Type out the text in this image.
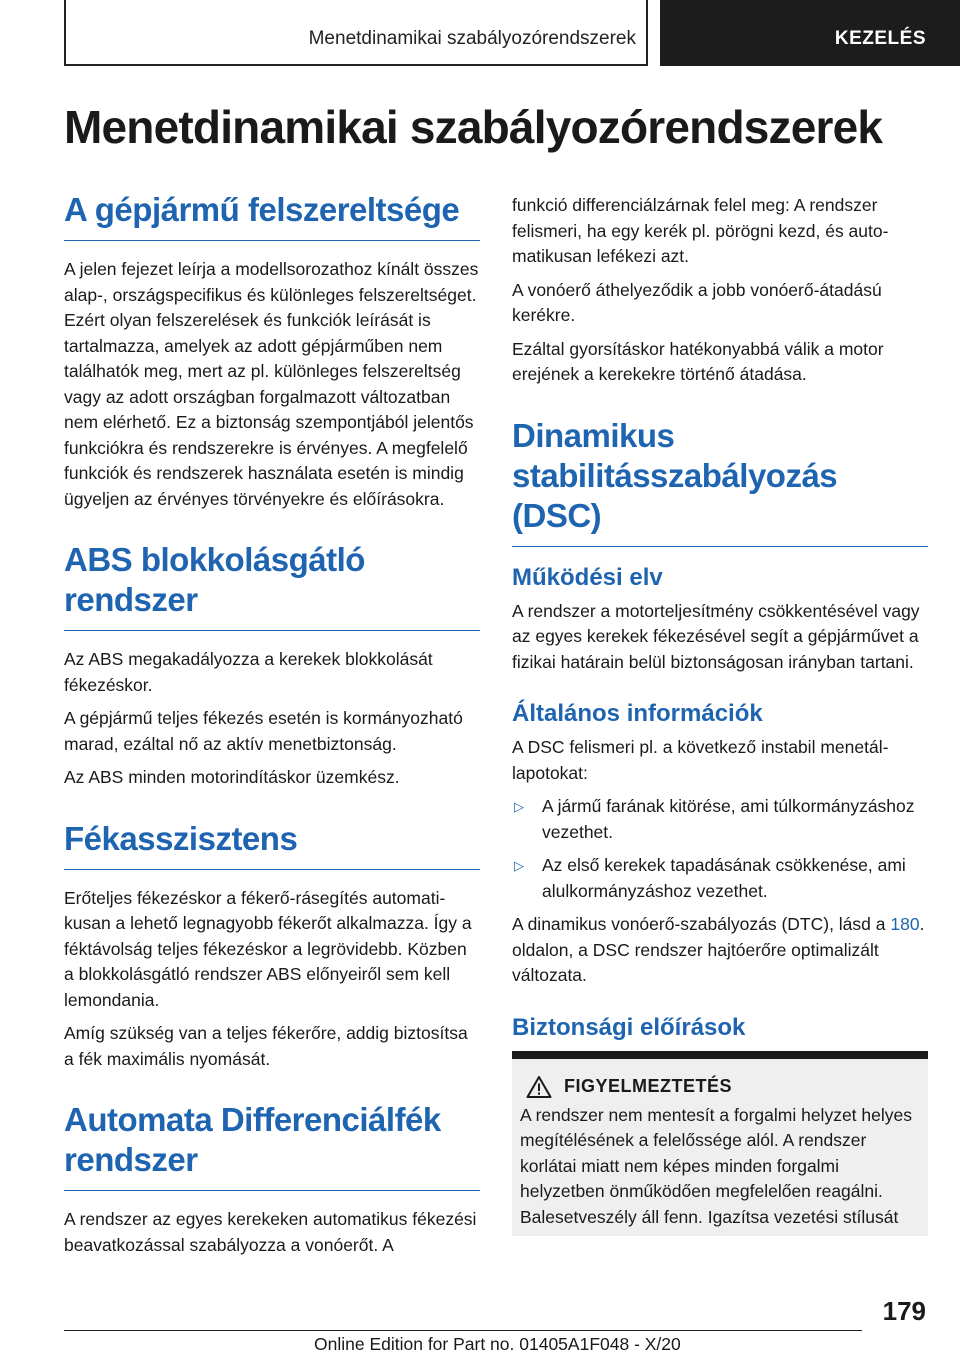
Menetdinamikai szabályozórendszerek	KEZELÉS
Menetdinamikai szabályozórendszerek
A gépjármű felszereltsége

A jelen fejezet leírja a modellsorozathoz kínált összes alap-, országspecifikus és különleges felszereltséget. Ezért olyan felszerelések és funkciók leírását is tartalmazza, amelyek az adott gépjárműben nem találhatók meg, mert az pl. különleges felszereltség vagy az adott országban forgalmazott változatban nem elérhető. Ez a biztonság szempontjából jelentős funkciókra és rendszerekre is érvényes. A megfelelő funkciók és rendszerek használata esetén is mindig ügyeljen az érvényes törvényekre és előírásokra.

ABS blokkolásgátló rendszer

Az ABS megakadályozza a kerekek blokkolását fékezéskor.

A gépjármű teljes fékezés esetén is kormányozható marad, ezáltal nő az aktív menetbiztonság.

Az ABS minden motorindításkor üzemkész.

Fékasszisztens

Erőteljes fékezéskor a fékerő-rásegítés automatikusan a lehető legnagyobb fékerőt alkalmazza. Így a féktávolság teljes fékezéskor a legrövidebb. Közben a blokkolásgátló rendszer ABS előnyeiről sem kell lemondania.

Amíg szükség van a teljes fékerőre, addig biztosítsa a fék maximális nyomását.

Automata Differenciálfék rendszer

A rendszer az egyes kerekeken automatikus fékezési beavatkozással szabályozza a vonóerőt. A

funkció differenciálzárnak felel meg: A rendszer felismeri, ha egy kerék pl. pörögni kezd, és automatikusan lefékezi azt.

A vonóerő áthelyeződik a jobb vonóerő-átadású kerékre.

Ezáltal gyorsításkor hatékonyabbá válik a motor erejének a kerekekre történő átadása.

Dinamikus stabilitásszabályozás (DSC)
Működési elv

A rendszer a motorteljesítmény csökkentésével vagy az egyes kerekek fékezésével segít a gépjárművet a fizikai határain belül biztonságosan irányban tartani.

Általános információk

A DSC felismeri pl. a következő instabil menetállapotokat:

▷ A jármű farának kitörése, ami túlkormányzáshoz vezethet.

▷ Az első kerekek tapadásának csökkenése, ami alulkormányzáshoz vezethet.

A dinamikus vonóerő-szabályozás (DTC), lásd a 180. oldalon, a DSC rendszer hajtóerőre optimalizált változata.

Biztonsági előírások
FIGYELMEZTETÉS

A rendszer nem mentesít a forgalmi helyzet helyes megítélésének a felelőssége alól. A rendszer korlátai miatt nem képes minden forgalmi helyzetben önműködően megfelelően reagálni. Balesetveszély áll fenn. Igazítsa vezetési stílusát

179
Online Edition for Part no. 01405A1F048 - X/20
